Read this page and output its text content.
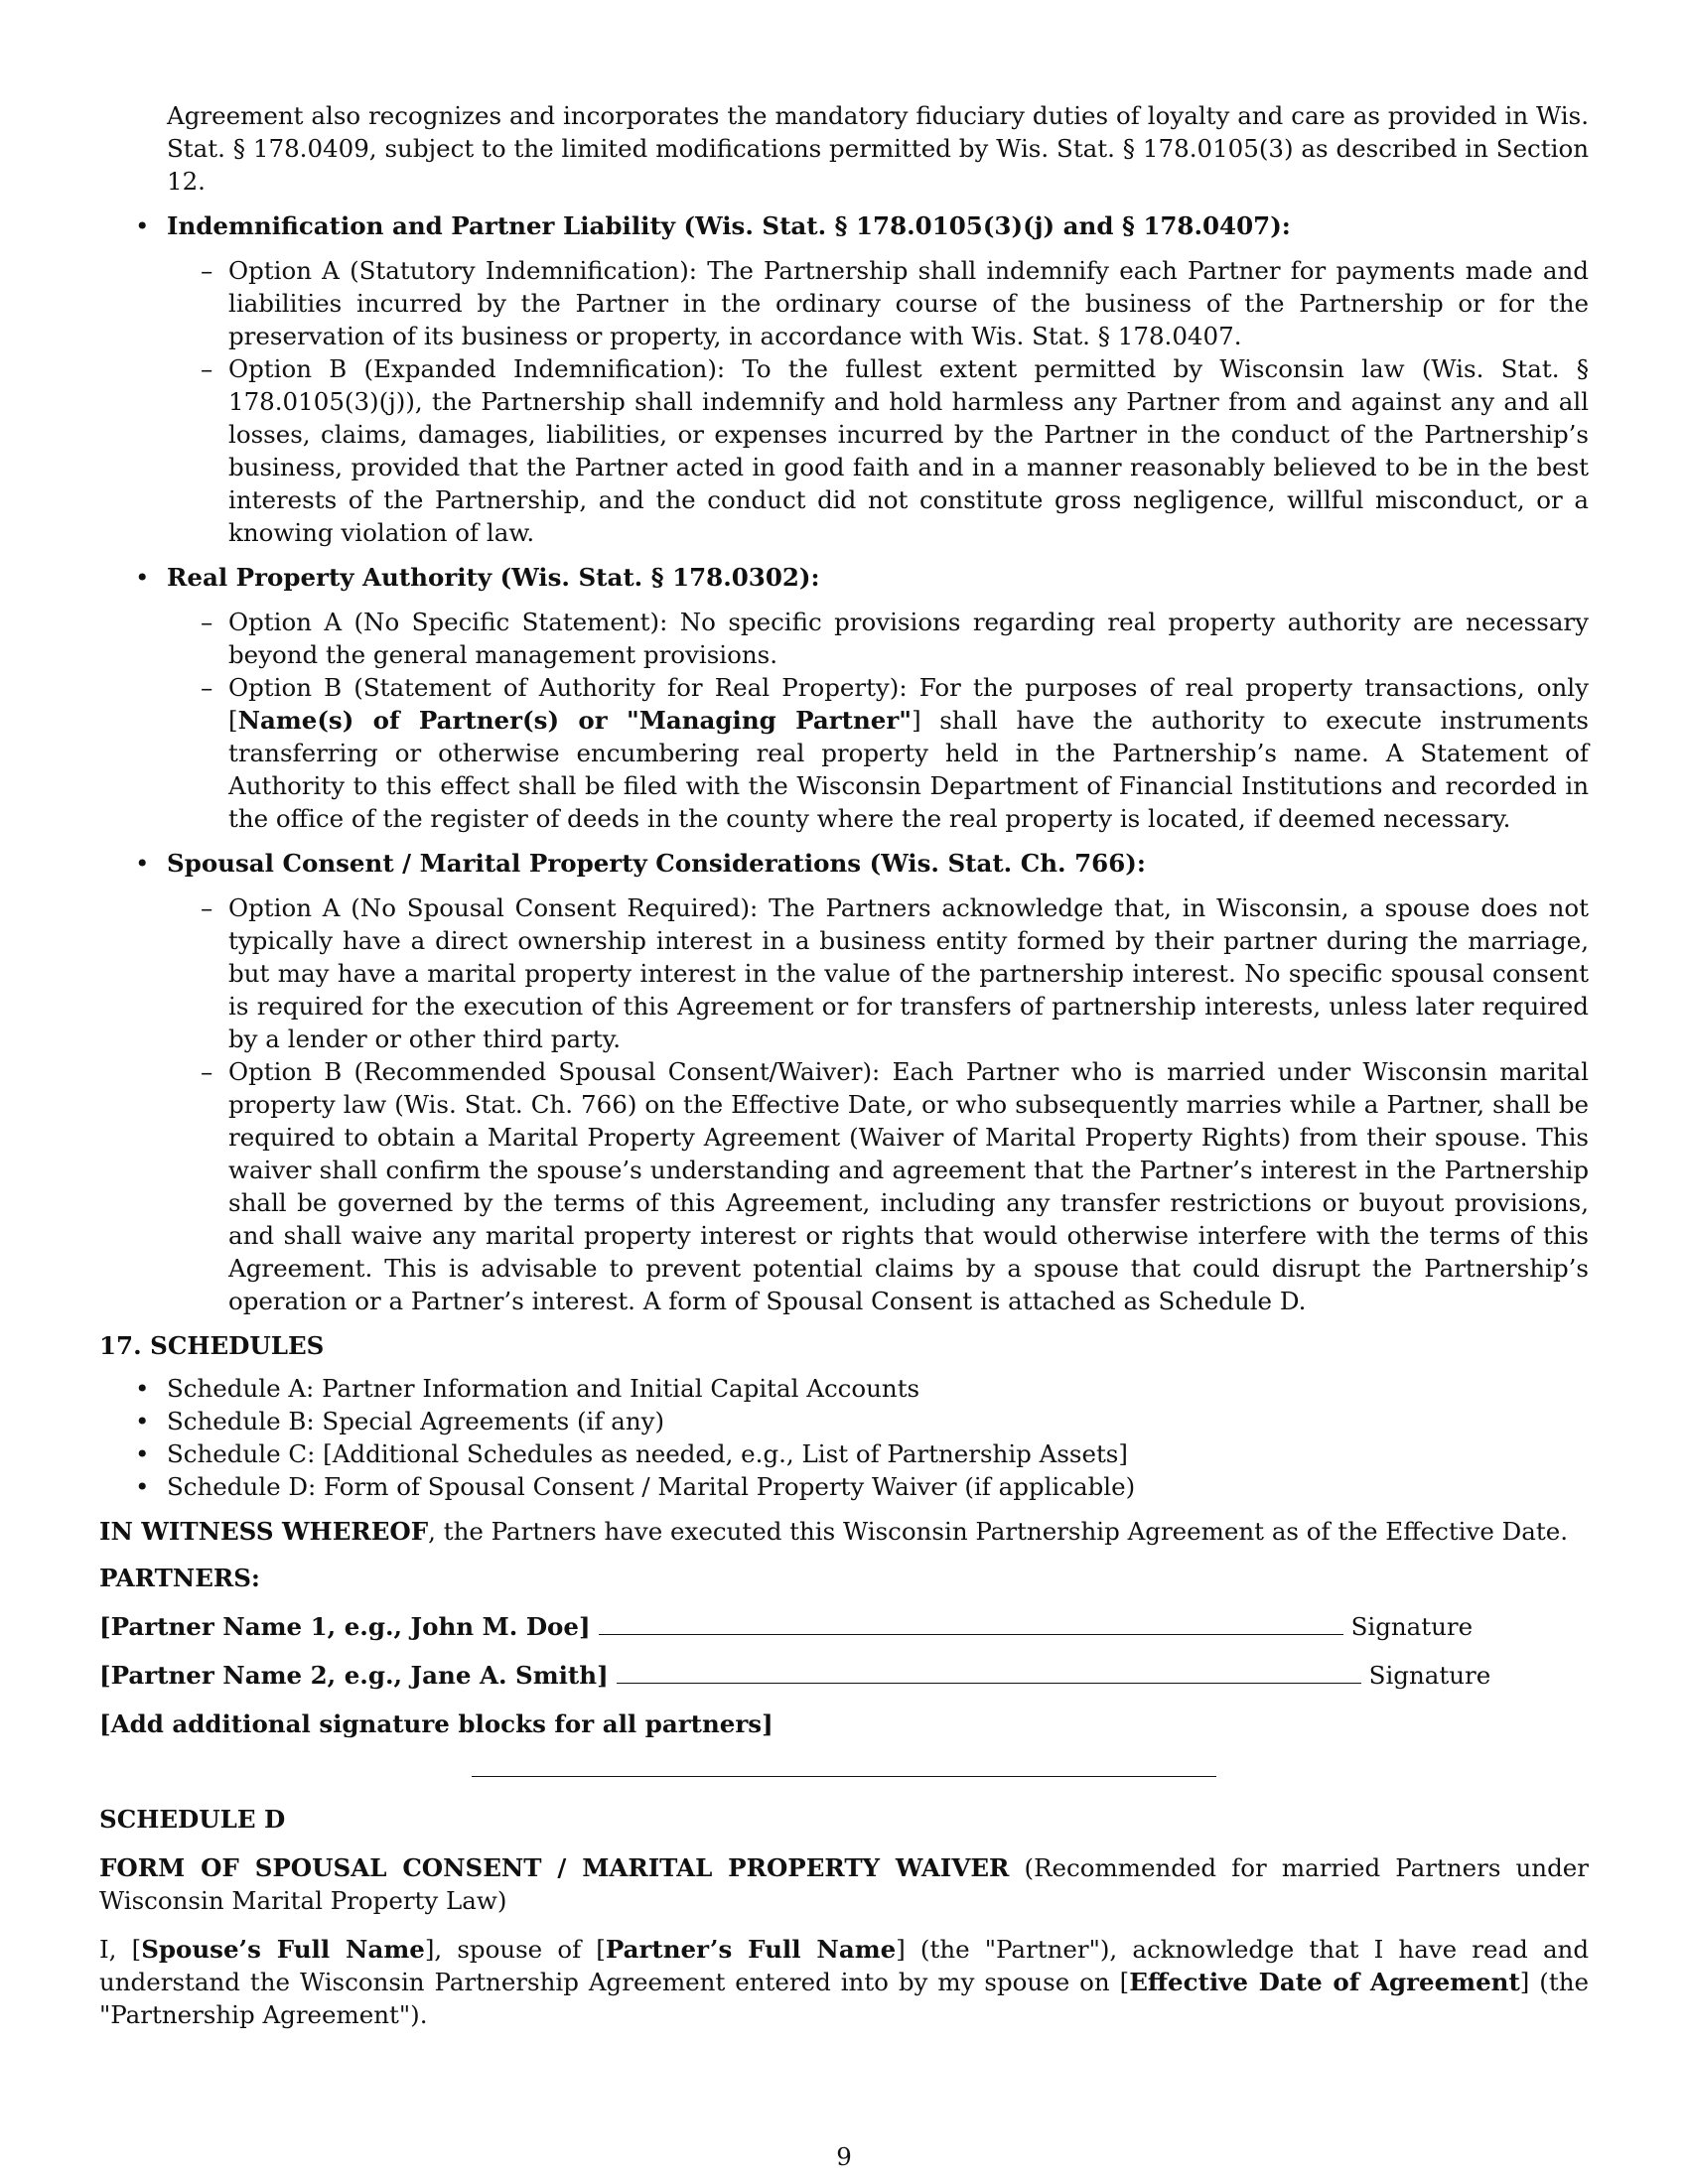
Agreement also recognizes and incorporates the mandatory fiduciary duties of loyalty and care as provided in Wis. Stat. § 178.0409, subject to the limited modifications permitted by Wis. Stat. § 178.0105(3) as described in Section 12.

• Indemnification and Partner Liability (Wis. Stat. § 178.0105(3)(j) and § 178.0407):
– Option A (Statutory Indemnification): The Partnership shall indemnify each Partner for payments made and liabilities incurred by the Partner in the ordinary course of the business of the Partnership or for the preservation of its business or property, in accordance with Wis. Stat. § 178.0407.
– Option B (Expanded Indemnification): To the fullest extent permitted by Wisconsin law (Wis. Stat. § 178.0105(3)(j)), the Partnership shall indemnify and hold harmless any Partner from and against any and all losses, claims, damages, liabilities, or expenses incurred by the Partner in the conduct of the Partnership’s business, provided that the Partner acted in good faith and in a manner reasonably believed to be in the best interests of the Partnership, and the conduct did not constitute gross negligence, willful misconduct, or a knowing violation of law.
• Real Property Authority (Wis. Stat. § 178.0302):
– Option A (No Specific Statement): No specific provisions regarding real property authority are necessary beyond the general management provisions.
– Option B (Statement of Authority for Real Property): For the purposes of real property transactions, only [Name(s) of Partner(s) or "Managing Partner"] shall have the authority to execute instruments transferring or otherwise encumbering real property held in the Partnership’s name. A Statement of Authority to this effect shall be filed with the Wisconsin Department of Financial Institutions and recorded in the office of the register of deeds in the county where the real property is located, if deemed necessary.
• Spousal Consent / Marital Property Considerations (Wis. Stat. Ch. 766):
– Option A (No Spousal Consent Required): The Partners acknowledge that, in Wisconsin, a spouse does not typically have a direct ownership interest in a business entity formed by their partner during the marriage, but may have a marital property interest in the value of the partnership interest. No specific spousal consent is required for the execution of this Agreement or for transfers of partnership interests, unless later required by a lender or other third party.
– Option B (Recommended Spousal Consent/Waiver): Each Partner who is married under Wisconsin marital property law (Wis. Stat. Ch. 766) on the Effective Date, or who subsequently marries while a Partner, shall be required to obtain a Marital Property Agreement (Waiver of Marital Property Rights) from their spouse. This waiver shall confirm the spouse’s understanding and agreement that the Partner’s interest in the Partnership shall be governed by the terms of this Agreement, including any transfer restrictions or buyout provisions, and shall waive any marital property interest or rights that would otherwise interfere with the terms of this Agreement. This is advisable to prevent potential claims by a spouse that could disrupt the Partnership’s operation or a Partner’s interest. A form of Spousal Consent is attached as Schedule D.
17. SCHEDULES
• Schedule A: Partner Information and Initial Capital Accounts
• Schedule B: Special Agreements (if any)
• Schedule C: [Additional Schedules as needed, e.g., List of Partnership Assets]
• Schedule D: Form of Spousal Consent / Marital Property Waiver (if applicable)

IN WITNESS WHEREOF, the Partners have executed this Wisconsin Partnership Agreement as of the Effective Date.

PARTNERS:
[Partner Name 1, e.g., John M. Doe]	Signature
[Partner Name 2, e.g., Jane A. Smith]	Signature
[Add additional signature blocks for all partners]
SCHEDULE D

FORM OF SPOUSAL CONSENT / MARITAL PROPERTY WAIVER (Recommended for married Partners under Wisconsin Marital Property Law)

I, [Spouse’s Full Name], spouse of [Partner’s Full Name] (the "Partner"), acknowledge that I have read and understand the Wisconsin Partnership Agreement entered into by my spouse on [Effective Date of Agreement] (the "Partnership Agreement").

9
